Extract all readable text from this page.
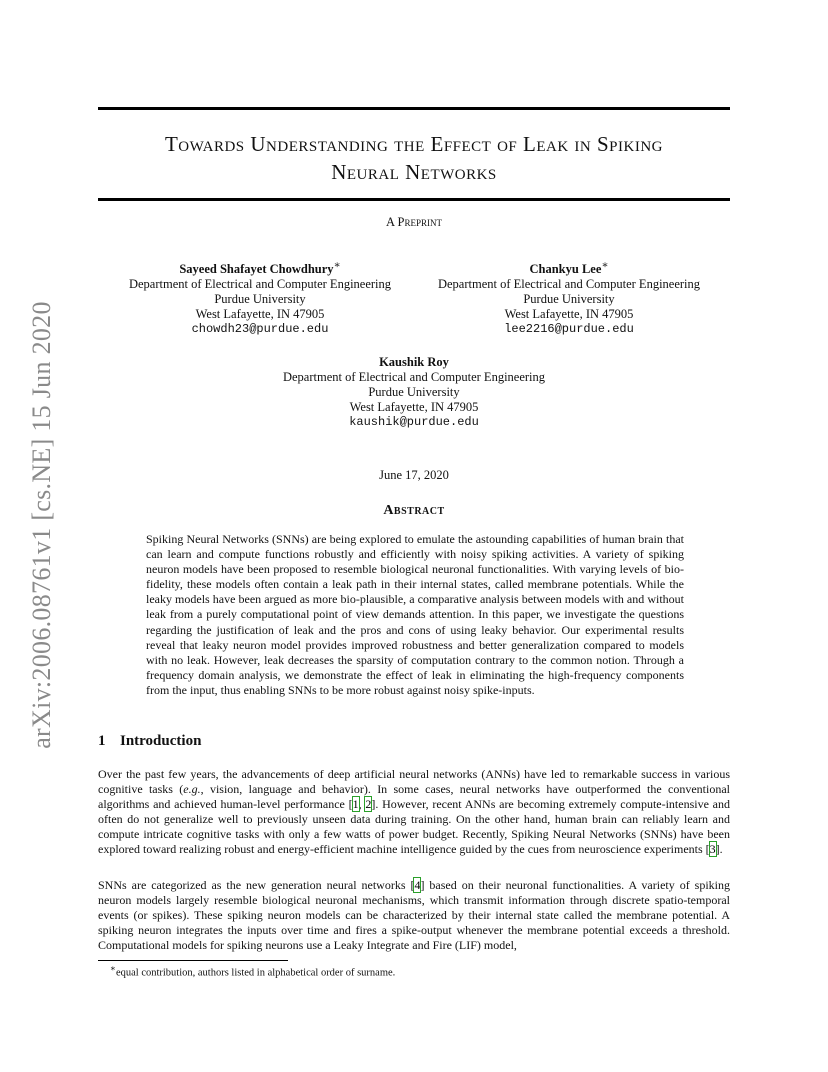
arXiv:2006.08761v1 [cs.NE] 15 Jun 2020
Towards Understanding the Effect of Leak in Spiking
Neural Networks
A Preprint
Sayeed Shafayet Chowdhury∗
Department of Electrical and Computer Engineering
Purdue University
West Lafayette, IN 47905
chowdh23@purdue.edu
Chankyu Lee∗
Department of Electrical and Computer Engineering
Purdue University
West Lafayette, IN 47905
lee2216@purdue.edu
Kaushik Roy
Department of Electrical and Computer Engineering
Purdue University
West Lafayette, IN 47905
kaushik@purdue.edu
June 17, 2020
Abstract
Spiking Neural Networks (SNNs) are being explored to emulate the astounding capabilities of human brain that can learn and compute functions robustly and efficiently with noisy spiking activities. A variety of spiking neuron models have been proposed to resemble biological neuronal functionalities. With varying levels of bio-fidelity, these models often contain a leak path in their internal states, called membrane potentials. While the leaky models have been argued as more bio-plausible, a comparative analysis between models with and without leak from a purely computational point of view demands attention. In this paper, we investigate the questions regarding the justification of leak and the pros and cons of using leaky behavior. Our experimental results reveal that leaky neuron model provides improved robustness and better generalization compared to models with no leak. However, leak decreases the sparsity of computation contrary to the common notion. Through a frequency domain analysis, we demonstrate the effect of leak in eliminating the high-frequency components from the input, thus enabling SNNs to be more robust against noisy spike-inputs.
1 Introduction
Over the past few years, the advancements of deep artificial neural networks (ANNs) have led to remarkable success in various cognitive tasks (e.g., vision, language and behavior). In some cases, neural networks have outperformed the conventional algorithms and achieved human-level performance [1, 2]. However, recent ANNs are becoming extremely compute-intensive and often do not generalize well to previously unseen data during training. On the other hand, human brain can reliably learn and compute intricate cognitive tasks with only a few watts of power budget. Recently, Spiking Neural Networks (SNNs) have been explored toward realizing robust and energy-efficient machine intelligence guided by the cues from neuroscience experiments [3].
SNNs are categorized as the new generation neural networks [4] based on their neuronal functionalities. A variety of spiking neuron models largely resemble biological neuronal mechanisms, which transmit information through discrete spatio-temporal events (or spikes). These spiking neuron models can be characterized by their internal state called the membrane potential. A spiking neuron integrates the inputs over time and fires a spike-output whenever the membrane potential exceeds a threshold. Computational models for spiking neurons use a Leaky Integrate and Fire (LIF) model,
∗equal contribution, authors listed in alphabetical order of surname.
